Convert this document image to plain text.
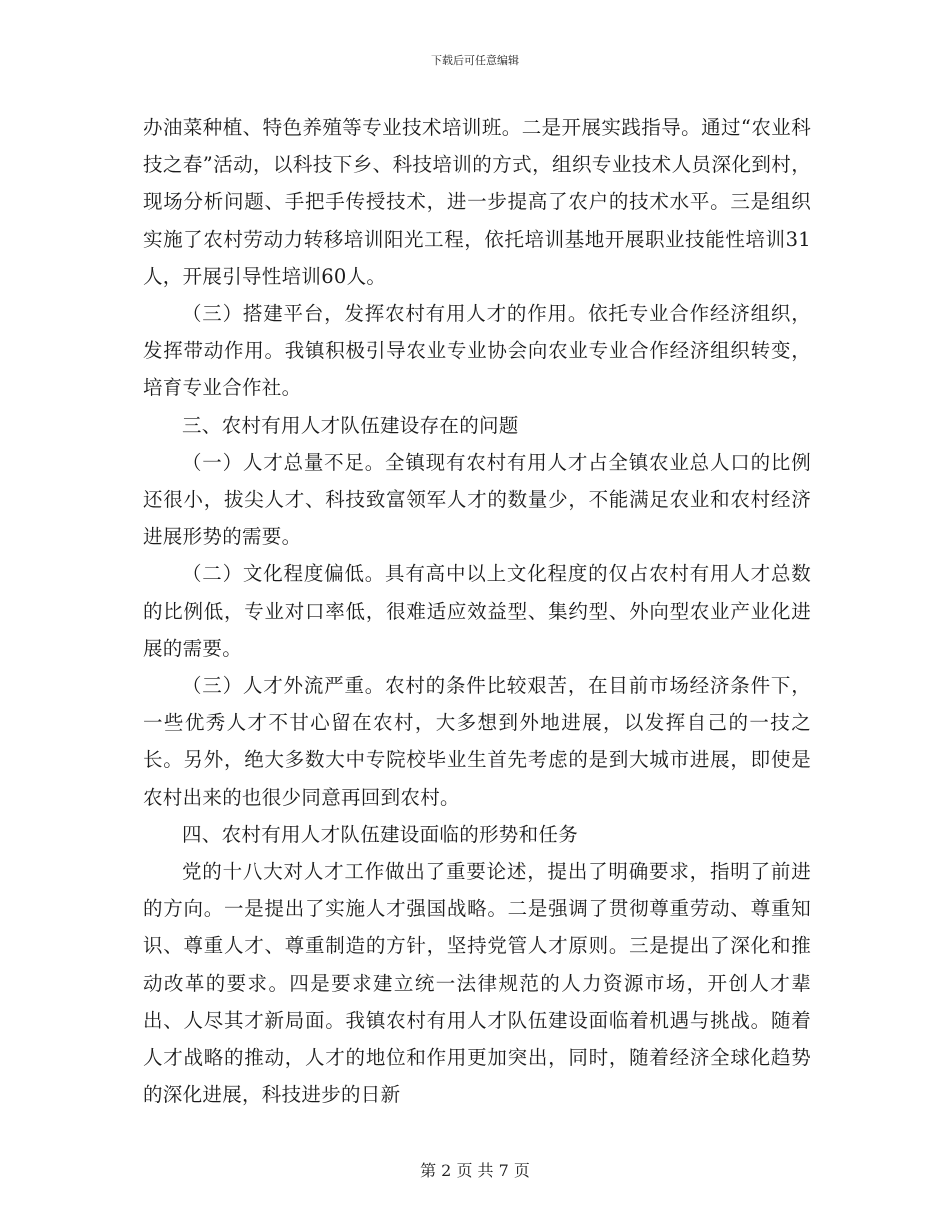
下载后可任意编辑

办油菜种植、特色养殖等专业技术培训班。二是开展实践指导。通过“农业科技之春”活动，以科技下乡、科技培训的方式，组织专业技术人员深化到村，现场分析问题、手把手传授技术，进一步提高了农户的技术水平。三是组织实施了农村劳动力转移培训阳光工程，依托培训基地开展职业技能性培训31人，开展引导性培训60人。

（三）搭建平台，发挥农村有用人才的作用。依托专业合作经济组织，发挥带动作用。我镇积极引导农业专业协会向农业专业合作经济组织转变，培育专业合作社。

三、农村有用人才队伍建设存在的问题

（一）人才总量不足。全镇现有农村有用人才占全镇农业总人口的比例还很小，拔尖人才、科技致富领军人才的数量少，不能满足农业和农村经济进展形势的需要。

（二）文化程度偏低。具有高中以上文化程度的仅占农村有用人才总数的比例低，专业对口率低，很难适应效益型、集约型、外向型农业产业化进展的需要。

（三）人才外流严重。农村的条件比较艰苦，在目前市场经济条件下，一些优秀人才不甘心留在农村，大多想到外地进展，以发挥自己的一技之长。另外，绝大多数大中专院校毕业生首先考虑的是到大城市进展，即使是农村出来的也很少同意再回到农村。

四、农村有用人才队伍建设面临的形势和任务

党的十八大对人才工作做出了重要论述，提出了明确要求，指明了前进的方向。一是提出了实施人才强国战略。二是强调了贯彻尊重劳动、尊重知识、尊重人才、尊重制造的方针，坚持党管人才原则。三是提出了深化和推动改革的要求。四是要求建立统一法律规范的人力资源市场，开创人才辈出、人尽其才新局面。我镇农村有用人才队伍建设面临着机遇与挑战。随着人才战略的推动，人才的地位和作用更加突出，同时，随着经济全球化趋势的深化进展，科技进步的日新

第 2 页 共 7 页
